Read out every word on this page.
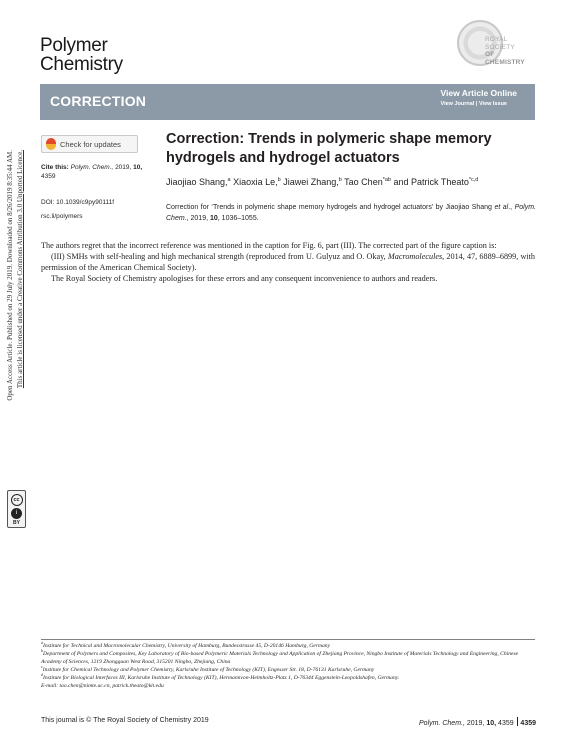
Polymer
Chemistry
ROYAL SOCIETY
OF CHEMISTRY
CORRECTION	View Article Online
View Journal | View Issue
Open Access Article. Published on 29 July 2019. Downloaded on 8/26/2019 8:35:44 AM. This article is licensed under a Creative Commons Attribution 3.0 Unported Licence.
cc
i
BY
Check for updates
Cite this: Polym. Chem., 2019, 10, 4359
DOI: 10.1039/c9py90111f
rsc.li/polymers
Correction: Trends in polymeric shape memory hydrogels and hydrogel actuators
Jiaojiao Shang,$^a$ Xiaoxia Le,$^b$ Jiawei Zhang,$^b$ Tao Chen$^{*ab}$ and Patrick Theato$^{*c,d}$
Correction for ‘Trends in polymeric shape memory hydrogels and hydrogel actuators’ by Jiaojiao Shang et al., Polym. Chem., 2019, 10, 1036–1055.

The authors regret that the incorrect reference was mentioned in the caption for Fig. 6, part (III). The corrected part of the figure caption is:

(III) SMHs with self-healing and high mechanical strength (reproduced from U. Gulyuz and O. Okay, Macromolecules, 2014, 47, 6889–6899, with permission of the American Chemical Society).

The Royal Society of Chemistry apologises for these errors and any consequent inconvenience to authors and readers.

$^a$Institute for Technical and Macromolecular Chemistry, University of Hamburg, Bundesstrasse 45, D-20146 Hamburg, Germany

$^b$Department of Polymers and Composites, Key Laboratory of Bio-based Polymeric Materials Technology and Application of Zhejiang Province, Ningbo Institute of Materials Technology and Engineering, Chinese Academy of Sciences, 1219 Zhongguan West Road, 315201 Ningbo, Zhejiang, China

$^c$Institute for Chemical Technology and Polymer Chemistry, Karlsruhe Institute of Technology (KIT), Engesser Str. 18, D-76131 Karlsruhe, Germany

$^d$Institute for Biological Interfaces III, Karlsruhe Institute of Technology (KIT), Hermannvon-Helmholtz-Platz 1, D-76344 Eggenstein-Leopoldshafen, Germany.

E-mail: tao.chen@nimte.ac.cn, patrick.theato@kit.edu

This journal is © The Royal Society of Chemistry 2019	Polym. Chem., 2019, 10, 4359 4359
